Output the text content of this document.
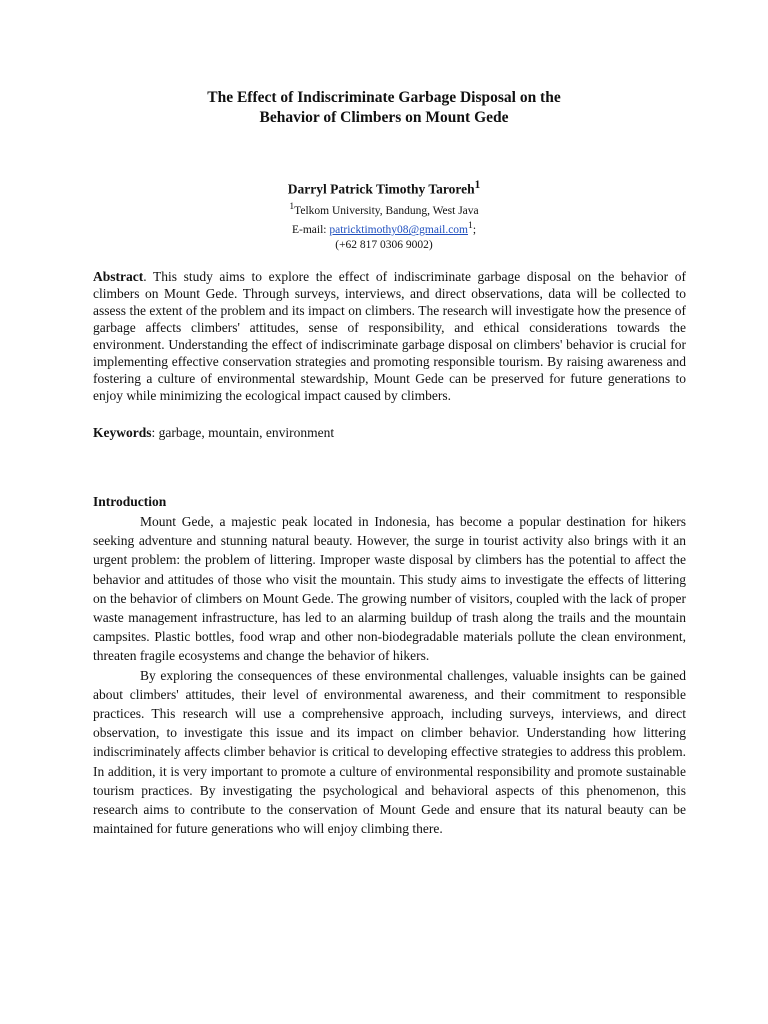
The Effect of Indiscriminate Garbage Disposal on the
Behavior of Climbers on Mount Gede
Darryl Patrick Timothy Taroreh$^1$
$^1$Telkom University, Bandung, West Java
E-mail: patricktimothy08@gmail.com$^1$;
(+62 817 0306 9002)

Abstract. This study aims to explore the effect of indiscriminate garbage disposal on the behavior of climbers on Mount Gede. Through surveys, interviews, and direct observations, data will be collected to assess the extent of the problem and its impact on climbers. The research will investigate how the presence of garbage affects climbers' attitudes, sense of responsibility, and ethical considerations towards the environment. Understanding the effect of indiscriminate garbage disposal on climbers' behavior is crucial for implementing effective conservation strategies and promoting responsible tourism. By raising awareness and fostering a culture of environmental stewardship, Mount Gede can be preserved for future generations to enjoy while minimizing the ecological impact caused by climbers.

Keywords: garbage, mountain, environment

Introduction

Mount Gede, a majestic peak located in Indonesia, has become a popular destination for hikers seeking adventure and stunning natural beauty. However, the surge in tourist activity also brings with it an urgent problem: the problem of littering. Improper waste disposal by climbers has the potential to affect the behavior and attitudes of those who visit the mountain. This study aims to investigate the effects of littering on the behavior of climbers on Mount Gede. The growing number of visitors, coupled with the lack of proper waste management infrastructure, has led to an alarming buildup of trash along the trails and the mountain campsites. Plastic bottles, food wrap and other non-biodegradable materials pollute the clean environment, threaten fragile ecosystems and change the behavior of hikers.

By exploring the consequences of these environmental challenges, valuable insights can be gained about climbers' attitudes, their level of environmental awareness, and their commitment to responsible practices. This research will use a comprehensive approach, including surveys, interviews, and direct observation, to investigate this issue and its impact on climber behavior. Understanding how littering indiscriminately affects climber behavior is critical to developing effective strategies to address this problem. In addition, it is very important to promote a culture of environmental responsibility and promote sustainable tourism practices. By investigating the psychological and behavioral aspects of this phenomenon, this research aims to contribute to the conservation of Mount Gede and ensure that its natural beauty can be maintained for future generations who will enjoy climbing there.
